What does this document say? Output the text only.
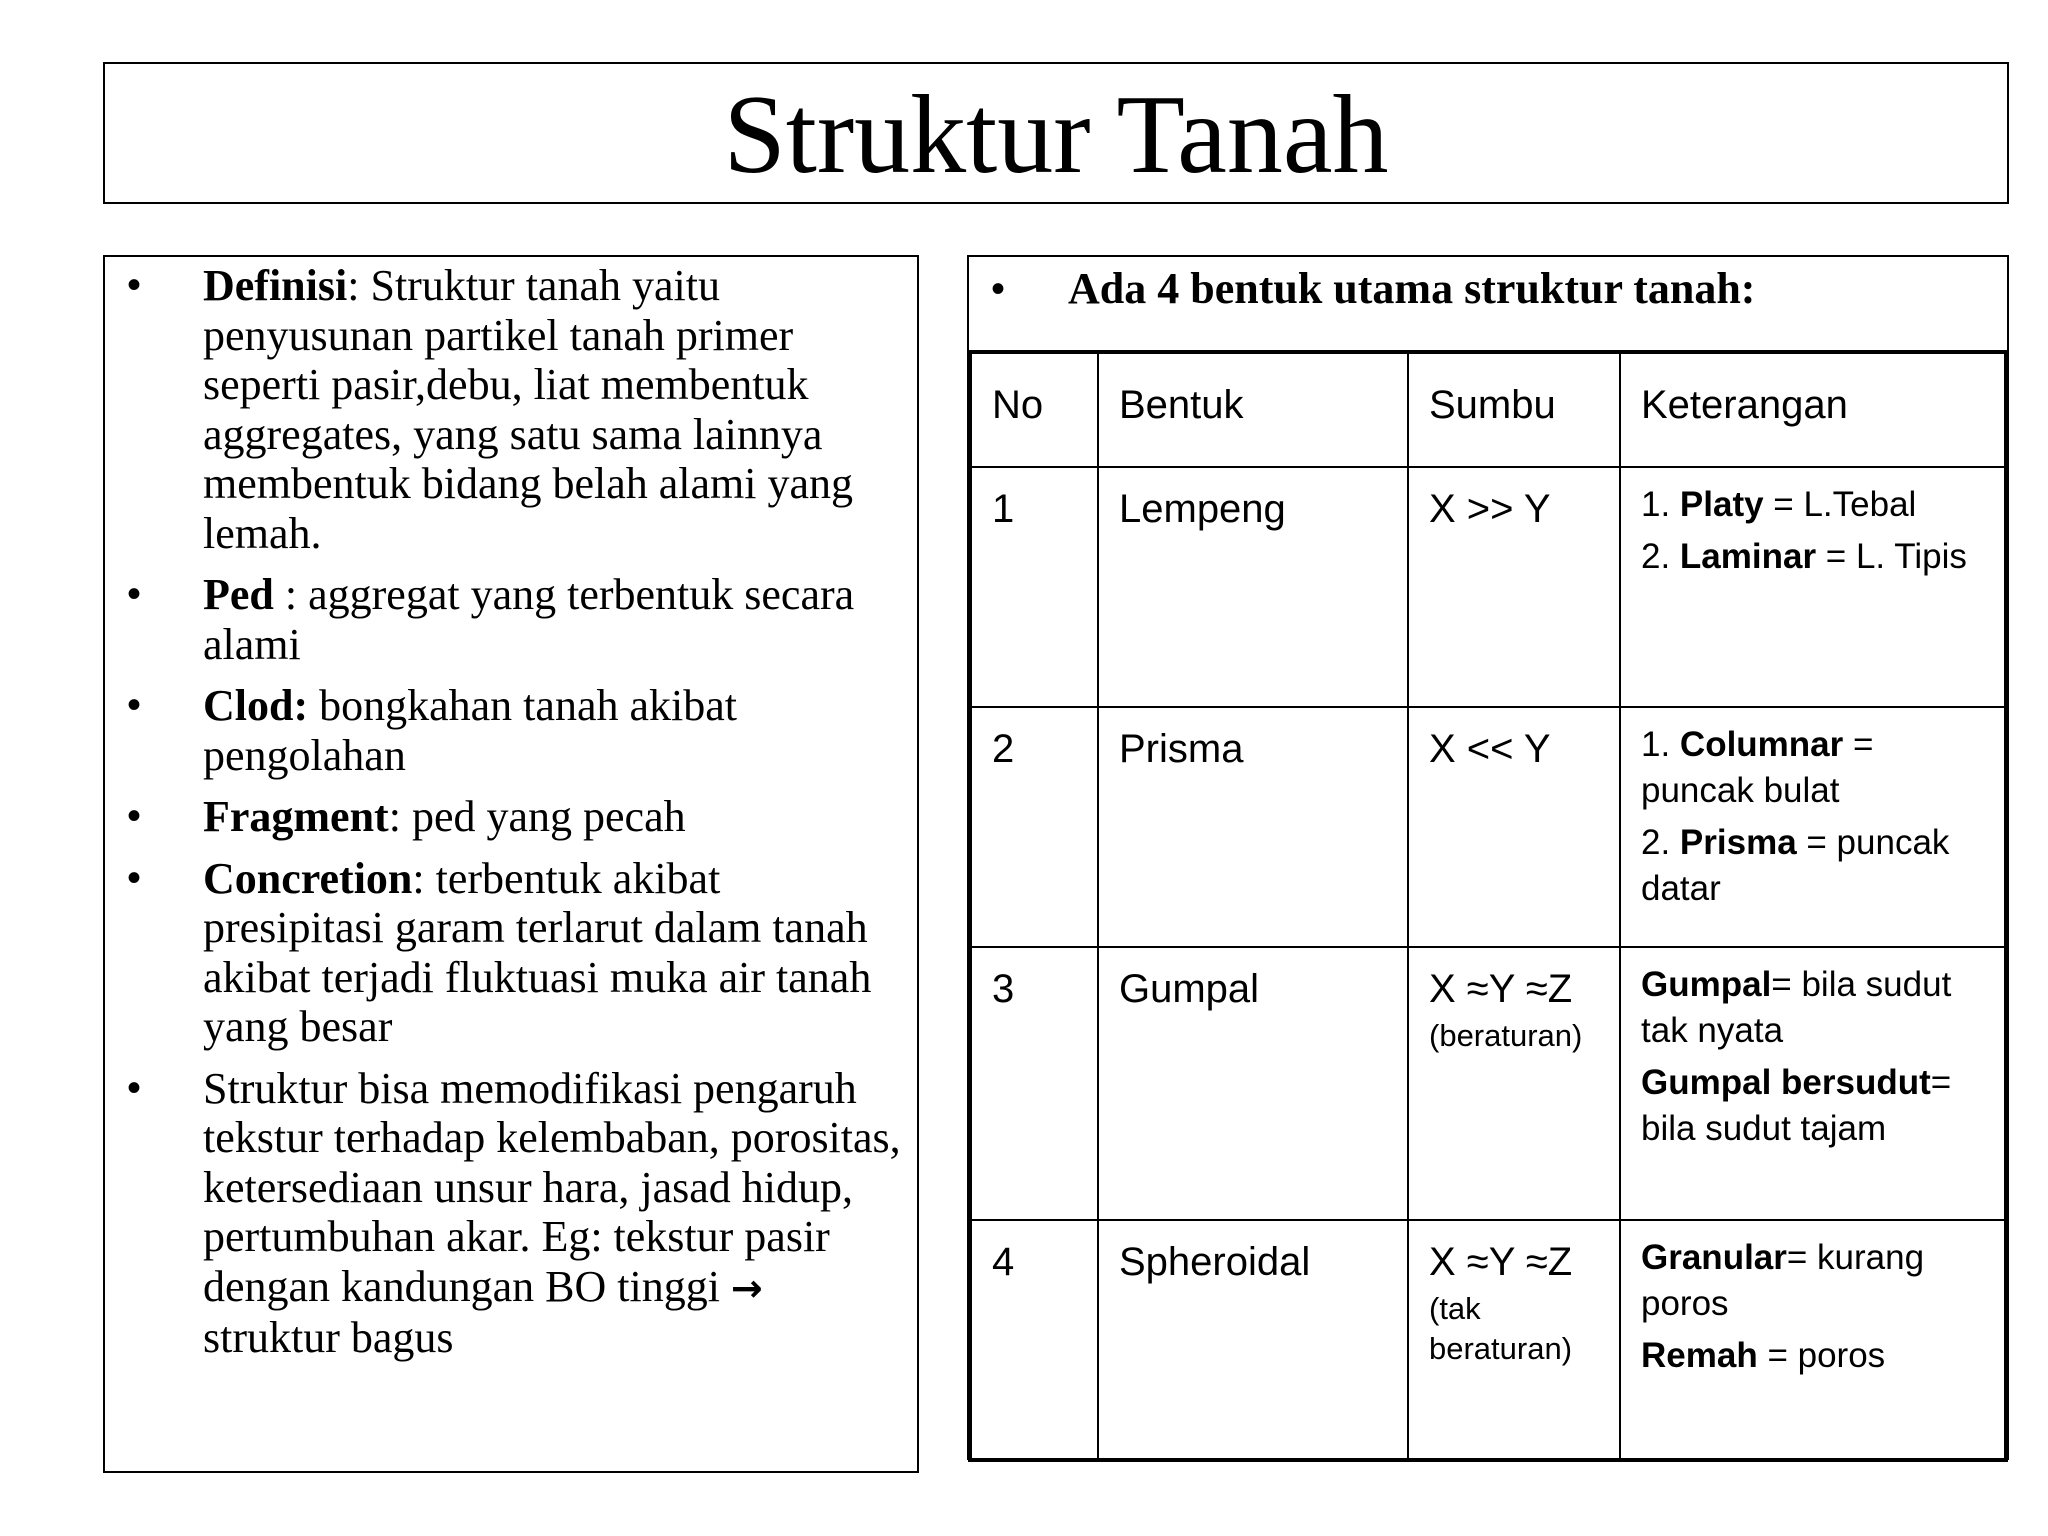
Struktur Tanah
• Definisi: Struktur tanah yaitu penyusunan partikel tanah primer seperti pasir,debu, liat membentuk aggregates, yang satu sama lainnya membentuk bidang belah alami yang lemah.
• Ped : aggregat yang terbentuk secara alami
• Clod: bongkahan tanah akibat pengolahan
• Fragment: ped yang pecah
• Concretion: terbentuk akibat presipitasi garam terlarut dalam tanah akibat terjadi fluktuasi muka air tanah yang besar
• Struktur bisa memodifikasi pengaruh tekstur terhadap kelembaban, porositas, ketersediaan unsur hara, jasad hidup, pertumbuhan akar. Eg: tekstur pasir dengan kandungan BO tinggi → struktur bagus
• Ada 4 bentuk utama struktur tanah:
No	Bentuk	Sumbu	Keterangan
1	Lempeng	X >> Y	1. Platy = L.Tebal
2. Laminar = L. Tipis

2	Prisma	X << Y	1. Columnar = puncak bulat
2. Prisma = puncak datar

3	Gumpal	X ≈Y ≈Z
(beraturan)	Gumpal= bila sudut tak nyata
Gumpal bersudut= bila sudut tajam

4	Spheroidal	X ≈Y ≈Z
(tak beraturan)	Granular= kurang poros
Remah = poros
